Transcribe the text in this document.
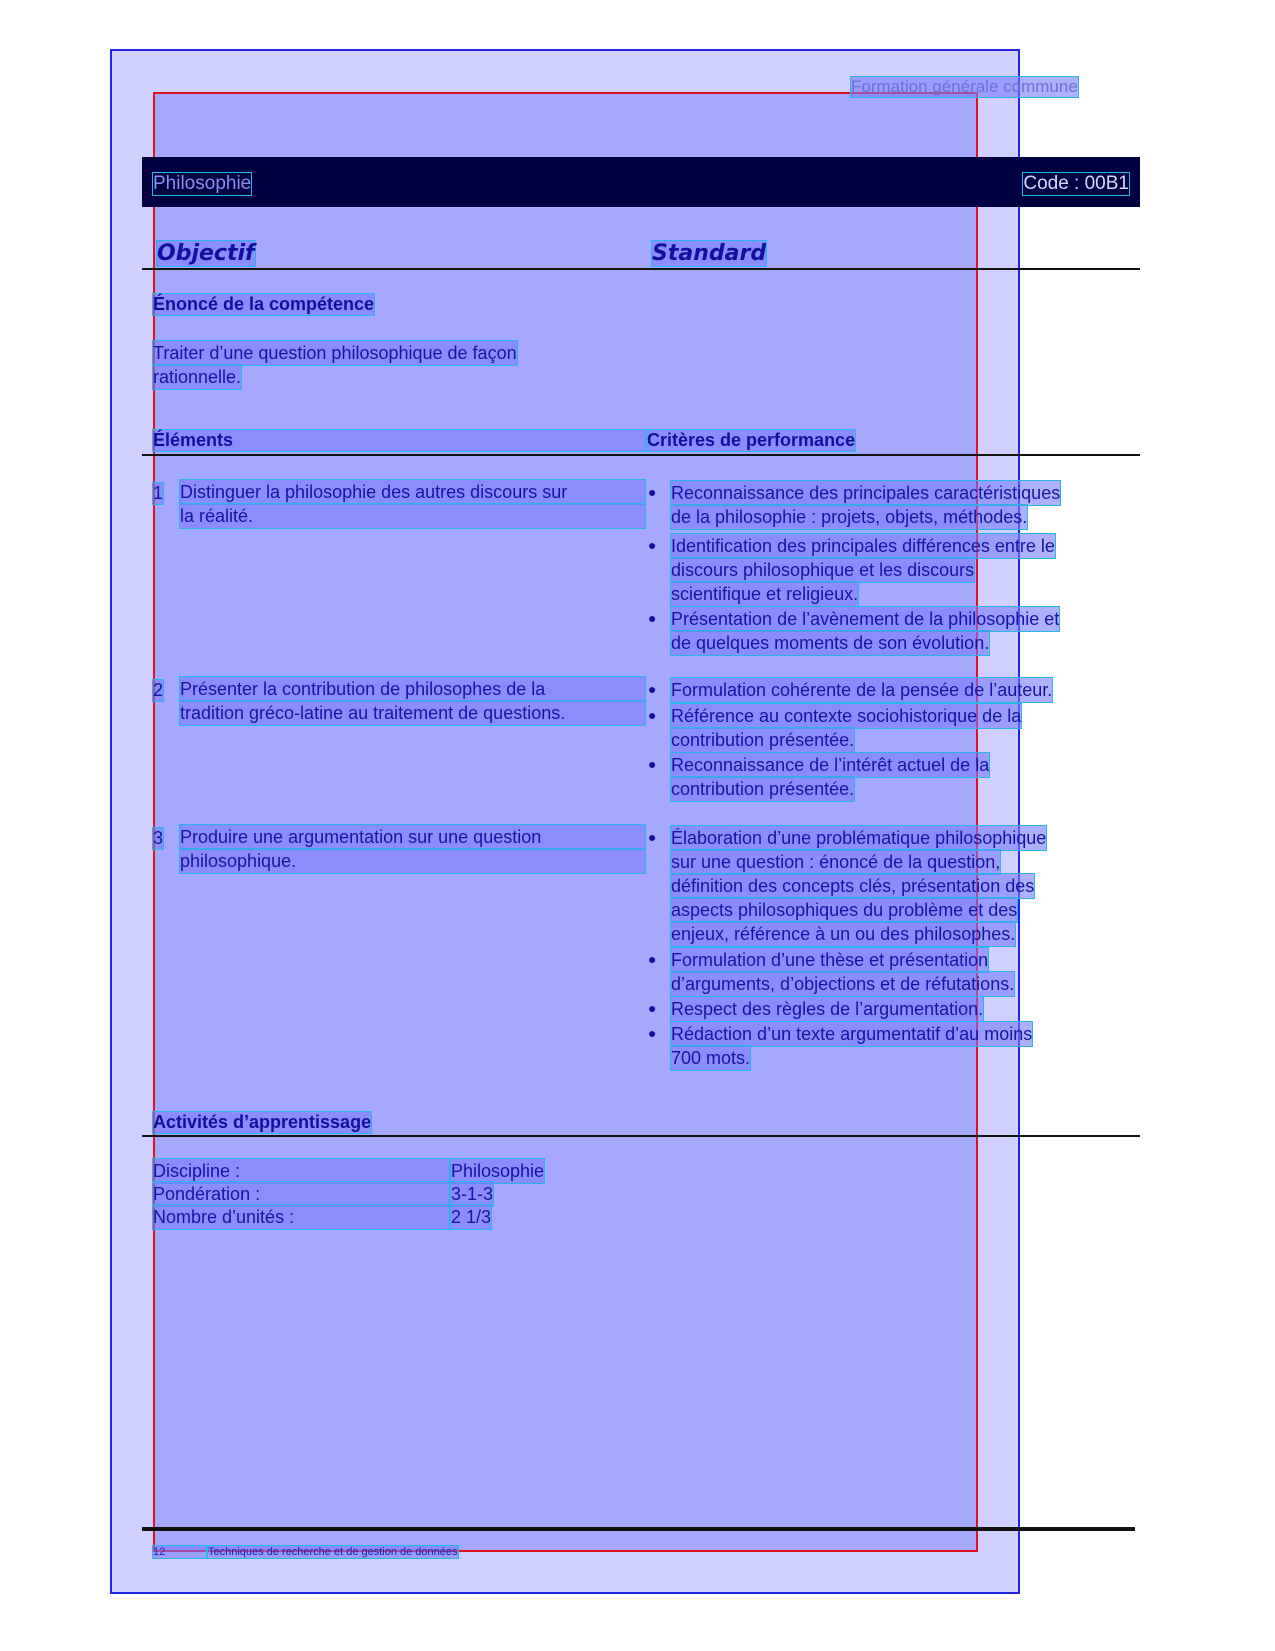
Formation générale commune
Philosophie	Code : 00B1
Objectif	Standard
Énoncé de la compétence
Traiter d’une question philosophique de façon
rationnelle.
Éléments	Critères de performance
1 Distinguer la philosophie des autres discours sur
la réalité.
● Reconnaissance des principales caractéristiques
de la philosophie : projets, objets, méthodes.
● Identification des principales différences entre le
discours philosophique et les discours
scientifique et religieux.
● Présentation de l’avènement de la philosophie et
de quelques moments de son évolution.
2 Présenter la contribution de philosophes de la
tradition gréco-latine au traitement de questions.
● Formulation cohérente de la pensée de l’auteur.
● Référence au contexte sociohistorique de la
contribution présentée.
● Reconnaissance de l’intérêt actuel de la
contribution présentée.
3 Produire une argumentation sur une question
philosophique.
● Élaboration d’une problématique philosophique
sur une question : énoncé de la question,
définition des concepts clés, présentation des
aspects philosophiques du problème et des
enjeux, référence à un ou des philosophes.
● Formulation d’une thèse et présentation
d’arguments, d’objections et de réfutations.
● Respect des règles de l’argumentation.
● Rédaction d’un texte argumentatif d’au moins
700 mots.
Activités d’apprentissage
Discipline :	Philosophie
Pondération :	3-1-3
Nombre d’unités :	2 1/3
12	Techniques de recherche et de gestion de données
